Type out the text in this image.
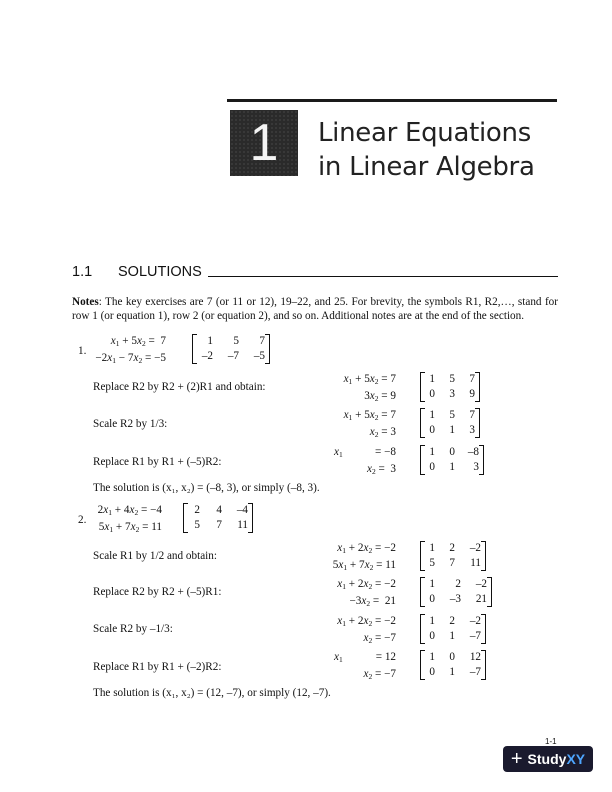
1 Linear Equations
in Linear Algebra
1.1	SOLUTIONS
Notes: The key exercises are 7 (or 11 or 12), 19–22, and 25. For brevity, the symbols R1, R2,…, stand for row 1 (or equation 1), row 2 (or equation 2), and so on. Additional notes are at the end of the section.
1.
$x_1 + 5x_2 = 7$
$-2x_1 - 7x_2 = -5$
1	5	7
–2	–7	–5
Replace R2 by R2 + (2)R1 and obtain:
$x_1 + 5x_2 = 7$
$3x_2 = 9$
1	5	7
0	3	9
Scale R2 by 1/3:
$x_1 + 5x_2 = 7$
$x_2 = 3$
1	5	7
0	1	3
Replace R1 by R1 + (–5)R2:
$x_1$	= −8
$x_2 = 3$
1	0 –8
0	1	3
The solution is (x₁, x₂) = (–8, 3), or simply (–8, 3).
2.
$2x_1 + 4x_2 = -4$
$5x_1 + 7x_2 = 11$
2	4	–4
5	7	11
Scale R1 by 1/2 and obtain:
$x_1 + 2x_2 = -2$
$5x_1 + 7x_2 = 11$
1	2	–2
5	7	11
Replace R2 by R2 + (–5)R1:
$x_1 + 2x_2 = -2$
$-3x_2 = 21$
1	2	–2
0	–3	21
Scale R2 by –1/3:
$x_1 + 2x_2 = -2$
$x_2 = -7$
1	2	–2
0	1	–7
Replace R1 by R1 + (–2)R2:
$x_1$	= 12
$x_2 = -7$
1	0	12
0	1	–7
The solution is (x₁, x₂) = (12, –7), or simply (12, –7).
1-1
+ StudyXY
